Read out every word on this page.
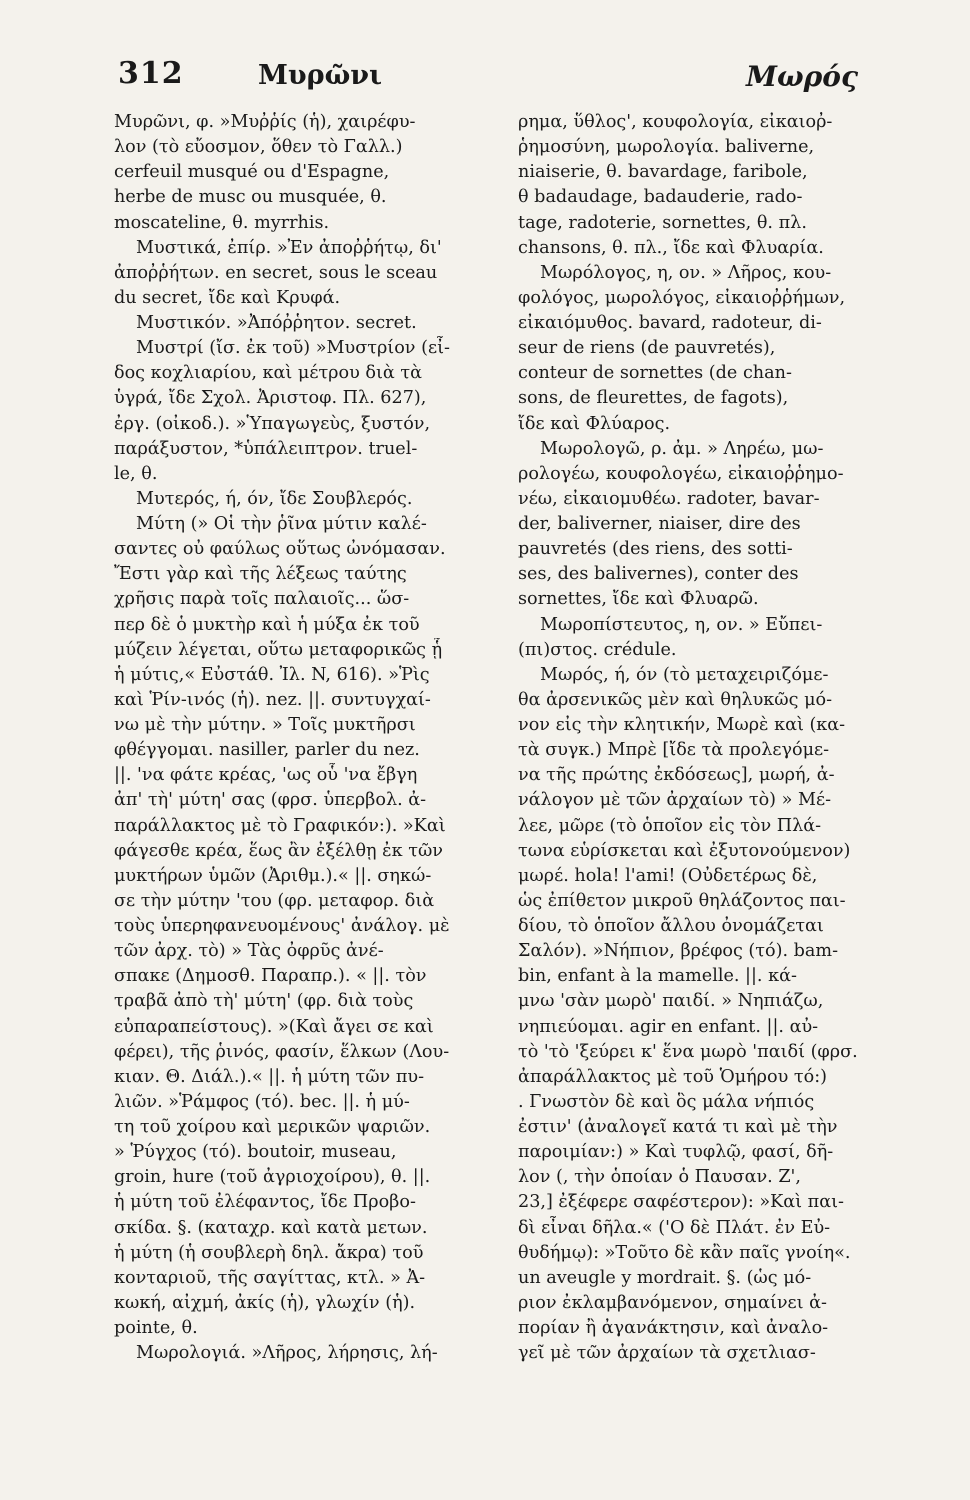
312	Μυρῶνι	Μωρός
Μυρῶνι, φ. »Μυῤῥίς (ἡ), χαιρέφυ-
λον (τὸ εὔοσμον, ὅθεν τὸ Γαλλ.)
cerfeuil musqué ou d'Espagne,
herbe de musc ou musquée, θ.
moscateline, θ. myrrhis.
Μυστικά, ἐπίρ. »Ἐν ἀποῤῥήτῳ, δι'
ἀποῤῥήτων. en secret, sous le sceau
du secret, ἴδε καὶ Κρυφά.
Μυστικόν. »Ἀπόῤῥητον. secret.
Μυστρί (ἴσ. ἐκ τοῦ) »Μυστρίον (εἶ-
δος κοχλιαρίου, καὶ μέτρου διὰ τὰ
ὑγρά, ἴδε Σχολ. Ἀριστοφ. Πλ. 627),
ἐργ. (οἰκοδ.). »Ὑπαγωγεὺς, ξυστόν,
παράξυστον, *ὑπάλειπτρον. truel-
le, θ.
Μυτερός, ή, όν, ἴδε Σουβλερός.
Μύτη (» Οἱ τὴν ῥῖνα μύτιν καλέ-
σαντες οὐ φαύλως οὕτως ὠνόμασαν.
Ἔστι γὰρ καὶ τῆς λέξεως ταύτης
χρῆσις παρὰ τοῖς παλαιοῖς... ὥσ-
περ δὲ ὁ μυκτὴρ καὶ ἡ μύξα ἐκ τοῦ
μύζειν λέγεται, οὕτω μεταφορικῶς ᾗ
ἡ μύτις,« Εὐστάθ. Ἰλ. N, 616). »Ῥὶς
καὶ Ῥίν-ινός (ἡ). nez. ||. συντυγχαί-
νω μὲ τὴν μύτην. » Τοῖς μυκτῆρσι
φθέγγομαι. nasiller, parler du nez.
||. 'να φάτε κρέας, 'ως οὗ 'να ἔβγη
ἀπ' τὴ' μύτη' σας (φρσ. ὑπερβολ. ἀ-
παράλλακτος μὲ τὸ Γραφικόν:). »Καὶ
φάγεσθε κρέα, ἕως ἂν ἐξέλθῃ ἐκ τῶν
μυκτήρων ὑμῶν (Ἀριθμ.).« ||. σηκώ-
σε τὴν μύτην 'του (φρ. μεταφορ. διὰ
τοὺς ὑπερηφανευομένους' ἀνάλογ. μὲ
τῶν ἀρχ. τὸ) » Τὰς ὀφρῦς ἀνέ-
σπακε (Δημοσθ. Παραπρ.). « ||. τὸν
τραβᾶ ἀπὸ τὴ' μύτη' (φρ. διὰ τοὺς
εὐπαραπείστους). »(Καὶ ἄγει σε καὶ
φέρει), τῆς ῥινός, φασίν, ἕλκων (Λου-
κιαν. Θ. Διάλ.).« ||. ἡ μύτη τῶν πυ-
λιῶν. »Ῥάμφος (τό). bec. ||. ἡ μύ-
τη τοῦ χοίρου καὶ μερικῶν ψαριῶν.
» Ῥύγχος (τό). boutoir, museau,
groin, hure (τοῦ ἀγριοχοίρου), θ. ||.
ἡ μύτη τοῦ ἐλέφαντος, ἴδε Προβο-
σκίδα. §. (καταχρ. καὶ κατὰ μετων.
ἡ μύτη (ἡ σουβλερὴ δηλ. ἄκρα) τοῦ
κονταριοῦ, τῆς σαγίττας, κτλ. » Ἀ-
κωκή, αἰχμή, ἀκίς (ἡ), γλωχίν (ἡ).
pointe, θ.
Μωρολογιά. »Λῆρος, λήρησις, λή-
ρημα, ὕθλος', κουφολογία, εἰκαιοῤ-
ῥημοσύνη, μωρολογία. baliverne,
niaiserie, θ. bavardage, faribole,
θ badaudage, badauderie, rado-
tage, radoterie, sornettes, θ. πλ.
chansons, θ. πλ., ἴδε καὶ Φλυαρία.
Μωρόλογος, η, ον. » Λῆρος, κου-
φολόγος, μωρολόγος, εἰκαιοῤῥήμων,
εἰκαιόμυθος. bavard, radoteur, di-
seur de riens (de pauvretés),
conteur de sornettes (de chan-
sons, de fleurettes, de fagots),
ἴδε καὶ Φλύαρος.
Μωρολογῶ, ρ. ἀμ. » Ληρέω, μω-
ρολογέω, κουφολογέω, εἰκαιοῤῥημο-
νέω, εἰκαιομυθέω. radoter, bavar-
der, baliverner, niaiser, dire des
pauvretés (des riens, des sotti-
ses, des balivernes), conter des
sornettes, ἴδε καὶ Φλυαρῶ.
Μωροπίστευτος, η, ον. » Εὔπει-
(πι)στος. crédule.
Μωρός, ή, όν (τὸ μεταχειριζόμε-
θα ἀρσενικῶς μὲν καὶ θηλυκῶς μό-
νον εἰς τὴν κλητικήν, Μωρὲ καὶ (κα-
τὰ συγκ.) Μπρὲ [ἴδε τὰ προλεγόμε-
να τῆς πρώτης ἐκδόσεως], μωρή, ἀ-
νάλογον μὲ τῶν ἀρχαίων τὸ) » Μέ-
λεε, μῶρε (τὸ ὁποῖον εἰς τὸν Πλά-
τωνα εὑρίσκεται καὶ ἐξυτονούμενον)
μωρέ. hola! l'ami! (Οὐδετέρως δὲ,
ὡς ἐπίθετον μικροῦ θηλάζοντος παι-
δίου, τὸ ὁποῖον ἄλλου ὀνομάζεται
Σαλόν). »Νήπιον, βρέφος (τό). bam-
bin, enfant à la mamelle. ||. κά-
μνω 'σὰν μωρὸ' παιδί. » Νηπιάζω,
νηπιεύομαι. agir en enfant. ||. αὐ-
τὸ 'τὸ 'ξεύρει κ' ἕνα μωρὸ 'παιδί (φρσ.
ἀπαράλλακτος μὲ τοῦ Ὁμήρου τό:)
. Γνωστὸν δὲ καὶ ὃς μάλα νήπιός
ἐστιν' (ἀναλογεῖ κατά τι καὶ μὲ τὴν
παροιμίαν:) » Καὶ τυφλῷ, φασί, δῆ-
λον (, τὴν ὁποίαν ὁ Παυσαν. Ζ',
23,] ἐξέφερε σαφέστερον): »Καὶ παι-
δὶ εἶναι δῆλα.« ('Ο δὲ Πλάτ. ἐν Εὐ-
θυδήμῳ): »Τοῦτο δὲ κἂν παῖς γνοίη«.
un aveugle y mordrait. §. (ὡς μό-
ριον ἐκλαμβανόμενον, σημαίνει ἀ-
πορίαν ἢ ἀγανάκτησιν, καὶ ἀναλο-
γεῖ μὲ τῶν ἀρχαίων τὰ σχετλιασ-
